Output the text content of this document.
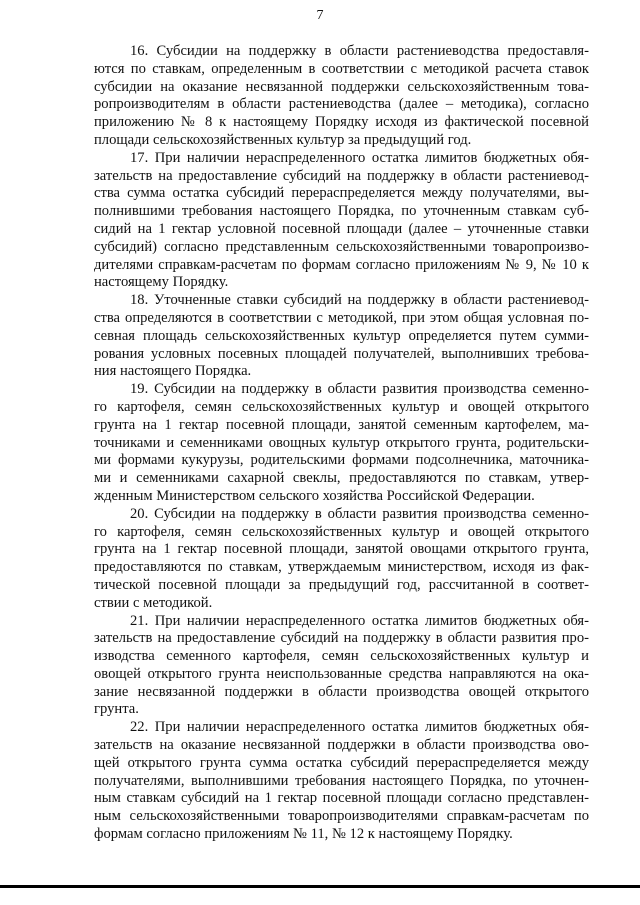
7

16. Субсидии на поддержку в области растениеводства предоставля-
ются по ставкам, определенным в соответствии с методикой расчета ставок
субсидии на оказание несвязанной поддержки сельскохозяйственным това-
ропроизводителям в области растениеводства (далее – методика), согласно
приложению № 8 к настоящему Порядку исходя из фактической посевной
площади сельскохозяйственных культур за предыдущий год.

17. При наличии нераспределенного остатка лимитов бюджетных обя-
зательств на предоставление субсидий на поддержку в области растениевод-
ства сумма остатка субсидий перераспределяется между получателями, вы-
полнившими требования настоящего Порядка, по уточненным ставкам суб-
сидий на 1 гектар условной посевной площади (далее – уточненные ставки
субсидий) согласно представленным сельскохозяйственными товаропроизво-
дителями справкам-расчетам по формам согласно приложениям № 9, № 10 к
настоящему Порядку.

18. Уточненные ставки субсидий на поддержку в области растениевод-
ства определяются в соответствии с методикой, при этом общая условная по-
севная площадь сельскохозяйственных культур определяется путем сумми-
рования условных посевных площадей получателей, выполнивших требова-
ния настоящего Порядка.

19. Субсидии на поддержку в области развития производства семенно-
го картофеля, семян сельскохозяйственных культур и овощей открытого
грунта на 1 гектар посевной площади, занятой семенным картофелем, ма-
точниками и семенниками овощных культур открытого грунта, родительски-
ми формами кукурузы, родительскими формами подсолнечника, маточника-
ми и семенниками сахарной свеклы, предоставляются по ставкам, утвер-
жденным Министерством сельского хозяйства Российской Федерации.

20. Субсидии на поддержку в области развития производства семенно-
го картофеля, семян сельскохозяйственных культур и овощей открытого
грунта на 1 гектар посевной площади, занятой овощами открытого грунта,
предоставляются по ставкам, утверждаемым министерством, исходя из фак-
тической посевной площади за предыдущий год, рассчитанной в соответ-
ствии с методикой.

21. При наличии нераспределенного остатка лимитов бюджетных обя-
зательств на предоставление субсидий на поддержку в области развития про-
изводства семенного картофеля, семян сельскохозяйственных культур и
овощей открытого грунта неиспользованные средства направляются на ока-
зание несвязанной поддержки в области производства овощей открытого
грунта.

22. При наличии нераспределенного остатка лимитов бюджетных обя-
зательств на оказание несвязанной поддержки в области производства ово-
щей открытого грунта сумма остатка субсидий перераспределяется между
получателями, выполнившими требования настоящего Порядка, по уточнен-
ным ставкам субсидий на 1 гектар посевной площади согласно представлен-
ным сельскохозяйственными товаропроизводителями справкам-расчетам по
формам согласно приложениям № 11, № 12 к настоящему Порядку.
